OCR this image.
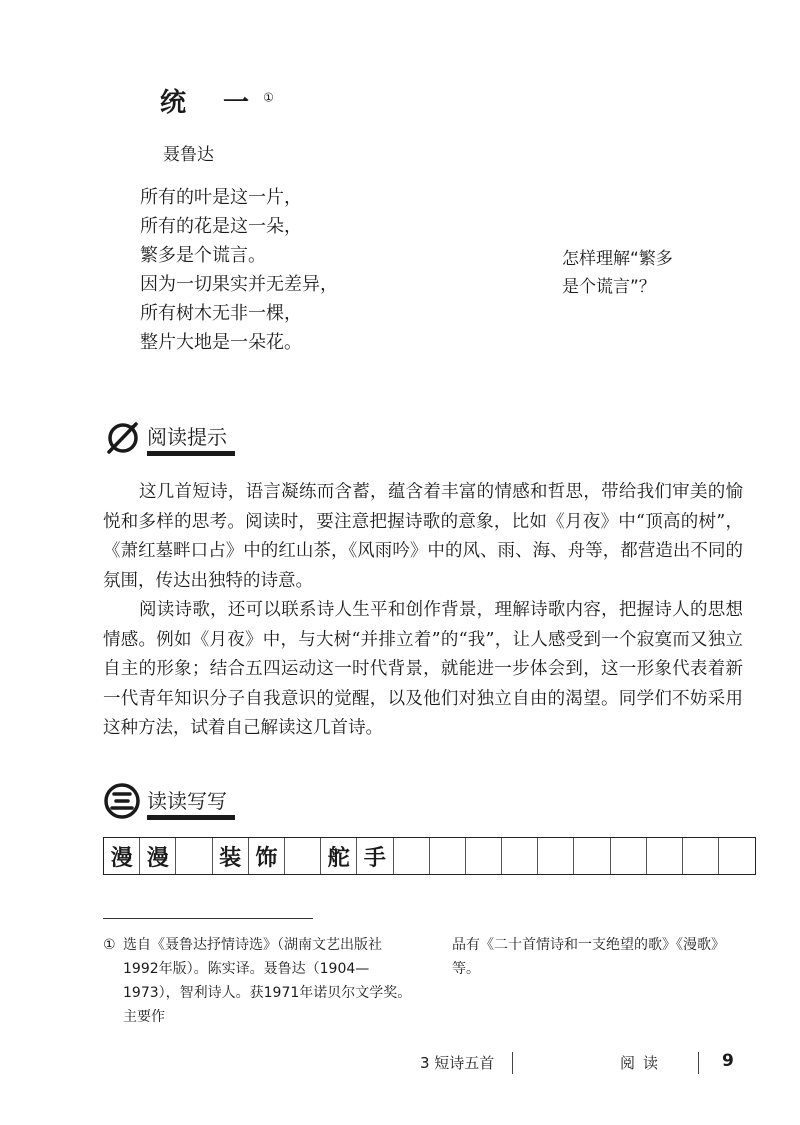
统 一①
聂鲁达
所有的叶是这一片，
所有的花是这一朵，
繁多是个谎言。
因为一切果实并无差异，
所有树木无非一棵，
整片大地是一朵花。
怎样理解“繁多
是个谎言”？
阅读提示

这几首短诗，语言凝练而含蓄，蕴含着丰富的情感和哲思，带给我们审美的愉悦和多样的思考。阅读时，要注意把握诗歌的意象，比如《月夜》中“顶高的树”，《萧红墓畔口占》中的红山茶，《风雨吟》中的风、雨、海、舟等，都营造出不同的氛围，传达出独特的诗意。

阅读诗歌，还可以联系诗人生平和创作背景，理解诗歌内容，把握诗人的思想情感。例如《月夜》中，与大树“并排立着”的“我”，让人感受到一个寂寞而又独立自主的形象；结合五四运动这一时代背景，就能进一步体会到，这一形象代表着新一代青年知识分子自我意识的觉醒，以及他们对独立自由的渴望。同学们不妨采用这种方法，试着自己解读这几首诗。

读读写写
漫 漫	装 饰	舵 手
① 选自《聂鲁达抒情诗选》（湖南文艺出版社1992年版）。陈实译。聂鲁达（1904—1973），智利诗人。获1971年诺贝尔文学奖。主要作
品有《二十首情诗和一支绝望的歌》《漫歌》等。
3 短诗五首	阅读	9
